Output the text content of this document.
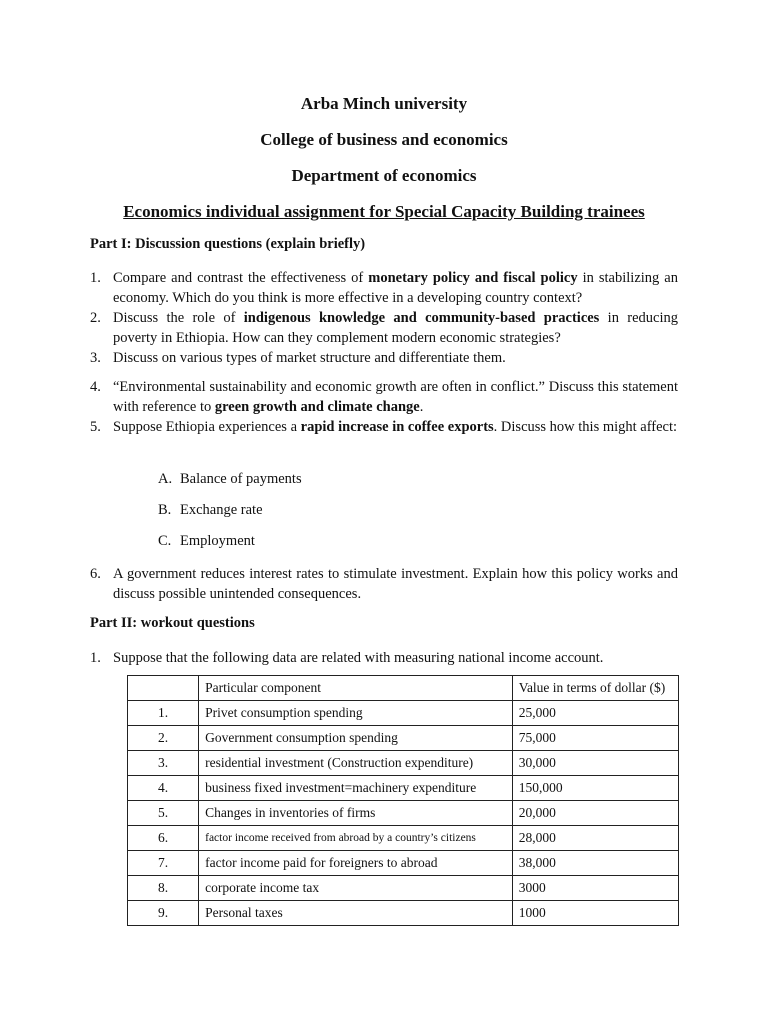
Arba Minch university
College of business and economics
Department of economics
Economics individual assignment for Special Capacity Building trainees
Part I: Discussion questions (explain briefly)
1. Compare and contrast the effectiveness of monetary policy and fiscal policy in stabilizing an economy. Which do you think is more effective in a developing country context?
2. Discuss the role of indigenous knowledge and community-based practices in reducing poverty in Ethiopia. How can they complement modern economic strategies?
3. Discuss on various types of market structure and differentiate them.
4. “Environmental sustainability and economic growth are often in conflict.” Discuss this statement with reference to green growth and climate change.
5. Suppose Ethiopia experiences a rapid increase in coffee exports. Discuss how this might affect:
A. Balance of payments
B. Exchange rate
C. Employment
6. A government reduces interest rates to stimulate investment. Explain how this policy works and discuss possible unintended consequences.
Part II: workout questions
1. Suppose that the following data are related with measuring national income account.
	Particular component	Value in terms of dollar ($)
1.	Privet consumption spending	25,000
2.	Government consumption spending	75,000
3.	residential investment (Construction expenditure)	30,000
4.	business fixed investment=machinery expenditure	150,000
5.	Changes in inventories of firms	20,000
6.	factor income received from abroad by a country’s citizens	28,000
7.	factor income paid for foreigners to abroad	38,000
8.	corporate income tax	3000
9.	Personal taxes	1000
